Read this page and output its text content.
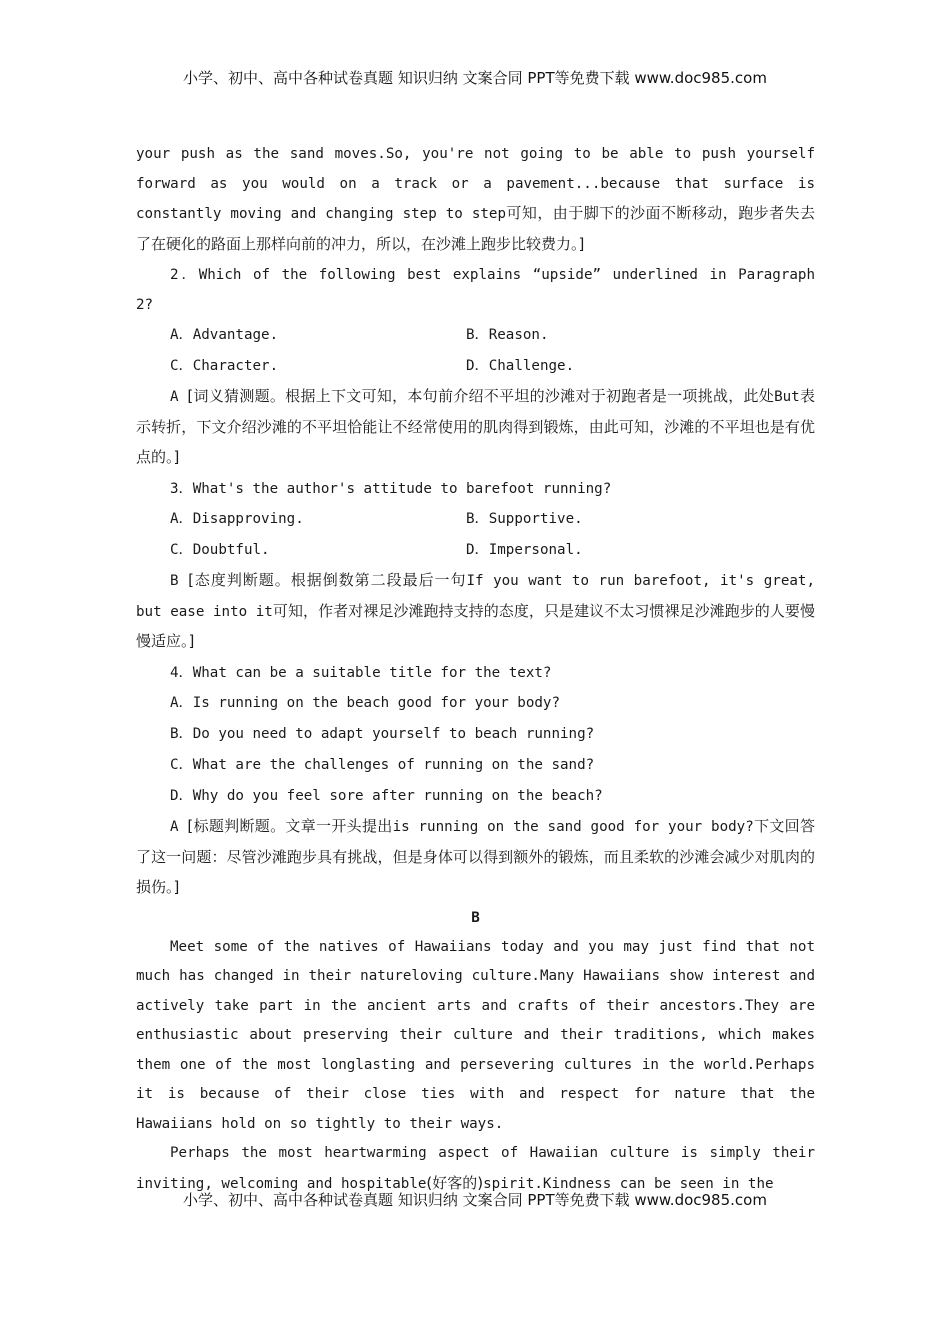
小学、初中、高中各种试卷真题 知识归纳 文案合同 PPT等免费下载 www.doc985.com

your push as the sand moves.So, you're not going to be able to push yourself

forward as you would on a track or a pavement...because that surface is

constantly moving and changing step to step可知，由于脚下的沙面不断移动，跑步者失去了在硬化的路面上那样向前的冲力，所以，在沙滩上跑步比较费力。]

2．Which of the following best explains “upside” underlined in Paragraph

2?

A．Advantage.	B．Reason.
C．Character.	D．Challenge.

A [词义猜测题。根据上下文可知，本句前介绍不平坦的沙滩对于初跑者是一项挑战，此处But表示转折，下文介绍沙滩的不平坦恰能让不经常使用的肌肉得到锻炼，由此可知，沙滩的不平坦也是有优点的。]

3．What's the author's attitude to barefoot running?

A．Disapproving.	B．Supportive.
C．Doubtful.	D．Impersonal.

B [态度判断题。根据倒数第二段最后一句If you want to run barefoot, it's great, but ease into it可知，作者对裸足沙滩跑持支持的态度，只是建议不太习惯裸足沙滩跑步的人要慢慢适应。]

4．What can be a suitable title for the text?

A．Is running on the beach good for your body?

B．Do you need to adapt yourself to beach running?

C．What are the challenges of running on the sand?

D．Why do you feel sore after running on the beach?

A [标题判断题。文章一开头提出is running on the sand good for your body?下文回答了这一问题：尽管沙滩跑步具有挑战，但是身体可以得到额外的锻炼，而且柔软的沙滩会减少对肌肉的损伤。]

B

Meet some of the natives of Hawaiians today and you may just find that not much has changed in their natureloving culture.Many Hawaiians show interest and actively take part in the ancient arts and crafts of their ancestors.They are enthusiastic about preserving their culture and their traditions, which makes them one of the most longlasting and persevering cultures in the world.Perhaps it is because of their close ties with and respect for nature that the Hawaiians hold on so tightly to their ways.

Perhaps the most heartwarming aspect of Hawaiian culture is simply their inviting, welcoming and hospitable(好客的)spirit.Kindness can be seen in the

小学、初中、高中各种试卷真题 知识归纳 文案合同 PPT等免费下载 www.doc985.com
